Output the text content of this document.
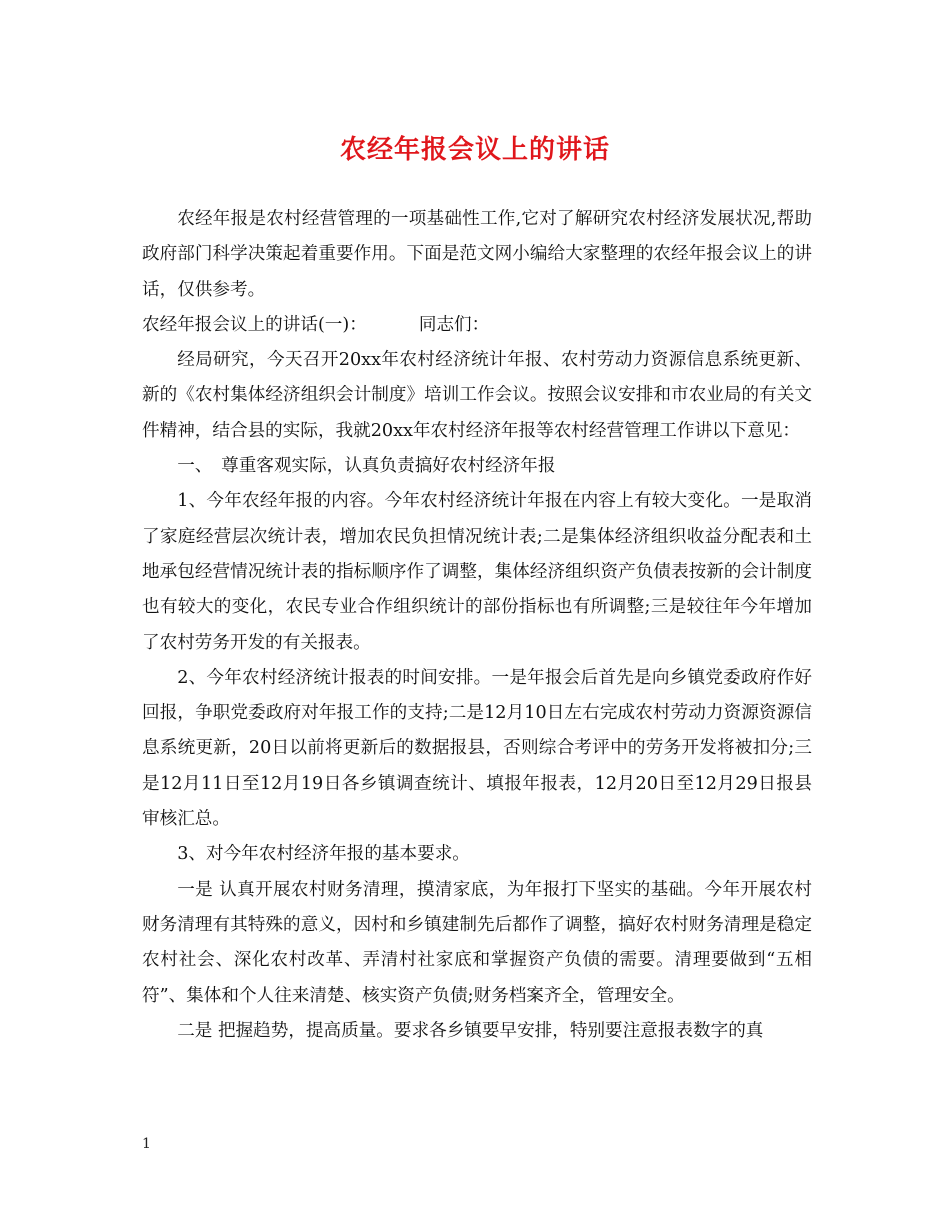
农经年报会议上的讲话

农经年报是农村经营管理的一项基础性工作,它对了解研究农村经济发展状况,帮助政府部门科学决策起着重要作用。下面是范文网小编给大家整理的农经年报会议上的讲话，仅供参考。

农经年报会议上的讲话(一)：	同志们：

经局研究，今天召开20xx年农村经济统计年报、农村劳动力资源信息系统更新、新的《农村集体经济组织会计制度》培训工作会议。按照会议安排和市农业局的有关文件精神，结合县的实际，我就20xx年农村经济年报等农村经营管理工作讲以下意见：

一、　尊重客观实际，认真负责搞好农村经济年报

1、今年农经年报的内容。今年农村经济统计年报在内容上有较大变化。一是取消了家庭经营层次统计表，增加农民负担情况统计表;二是集体经济组织收益分配表和土地承包经营情况统计表的指标顺序作了调整，集体经济组织资产负债表按新的会计制度也有较大的变化，农民专业合作组织统计的部份指标也有所调整;三是较往年今年增加了农村劳务开发的有关报表。

2、今年农村经济统计报表的时间安排。一是年报会后首先是向乡镇党委政府作好回报，争职党委政府对年报工作的支持;二是12月10日左右完成农村劳动力资源资源信息系统更新，20日以前将更新后的数据报县，否则综合考评中的劳务开发将被扣分;三是12月11日至12月19日各乡镇调查统计、填报年报表，12月20日至12月29日报县审核汇总。

3、对今年农村经济年报的基本要求。

一是 认真开展农村财务清理，摸清家底，为年报打下坚实的基础。今年开展农村财务清理有其特殊的意义，因村和乡镇建制先后都作了调整，搞好农村财务清理是稳定农村社会、深化农村改革、弄清村社家底和掌握资产负债的需要。清理要做到“五相符”、集体和个人往来清楚、核实资产负债;财务档案齐全，管理安全。

二是 把握趋势，提高质量。要求各乡镇要早安排，特别要注意报表数字的真

1
